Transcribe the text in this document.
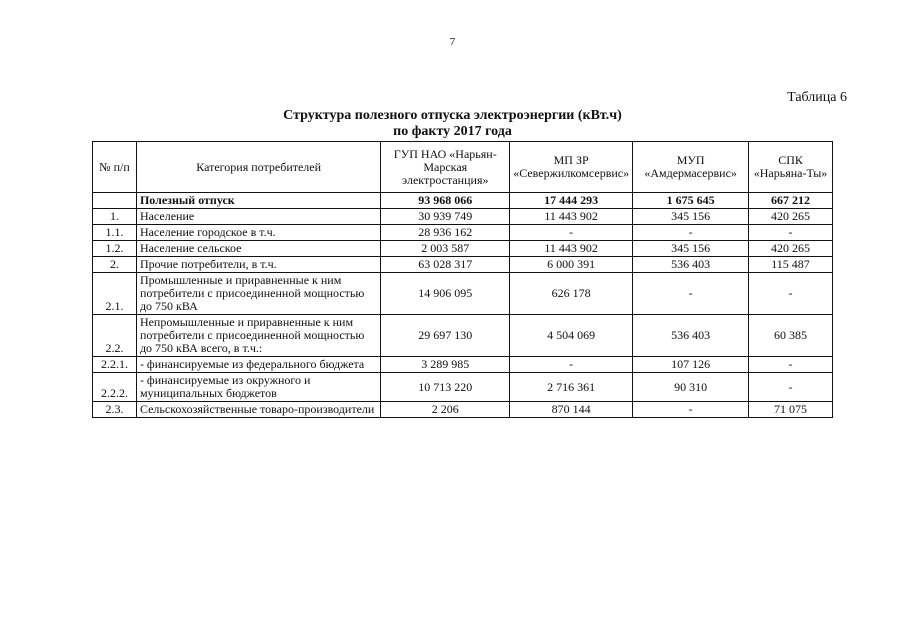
7
Таблица 6
Структура полезного отпуска электроэнергии (кВт.ч)
по факту 2017 года
№ п/п	Категория потребителей	ГУП НАО «Нарьян-Марская электростанция»	МП ЗР «Севержилкомсервис»	МУП «Амдермасервис»	СПК «Нарьяна-Ты»
	Полезный отпуск	93 968 066	17 444 293	1 675 645	667 212
1.	Население	30 939 749	11 443 902	345 156	420 265
1.1.	Население городское в т.ч.	28 936 162	-	-	-
1.2.	Население сельское	2 003 587	11 443 902	345 156	420 265
2.	Прочие потребители, в т.ч.	63 028 317	6 000 391	536 403	115 487
2.1.	Промышленные и приравненные к ним потребители с присоединенной мощностью до 750 кВА	14 906 095	626 178	-	-
2.2.	Непромышленные и приравненные к ним потребители с присоединенной мощностью до 750 кВА всего, в т.ч.:	29 697 130	4 504 069	536 403	60 385
2.2.1.	- финансируемые из федерального бюджета	3 289 985	-	107 126	-
2.2.2.	- финансируемые из окружного и муниципальных бюджетов	10 713 220	2 716 361	90 310	-
2.3.	Сельскохозяйственные товаро-производители	2 206	870 144	-	71 075
